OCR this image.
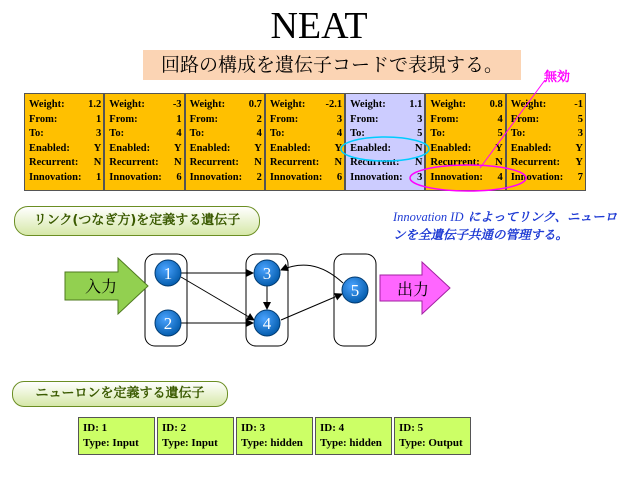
NEAT
回路の構成を遺伝子コードで表現する。
無効
Weight: 1.2
From:	1
To:	3
Enabled: Y
Recurrent: N
Innovation: 1
Weight:	-3
From:	1
To:	4
Enabled: Y
Recurrent: N
Innovation: 6
Weight: 0.7
From:	2
To:	4
Enabled: Y
Recurrent: N
Innovation: 2
Weight: -2.1
From:	3
To:	4
Enabled: Y
Recurrent: N
Innovation: 6
Weight: 1.1
From:	3
To:	5
Enabled: N
Recurrent: N
Innovation: 3
Weight: 0.8
From:	4
To:	5
Enabled: Y
Recurrent: N
Innovation: 4
Weight:	-1
From:	5
To:	3
Enabled: Y
Recurrent: Y
Innovation: 7
リンク(つなぎ方)を定義する遺伝子	Innovation ID によってリンク、ニューロンを全遺伝子共通の管理する。
1
2
3
4
5
入力	出力
ニューロンを定義する遺伝子
ID: 1
Type: Input
ID: 2
Type: Input
ID: 3
Type: hidden
ID: 4
Type: hidden
ID: 5
Type: Output
